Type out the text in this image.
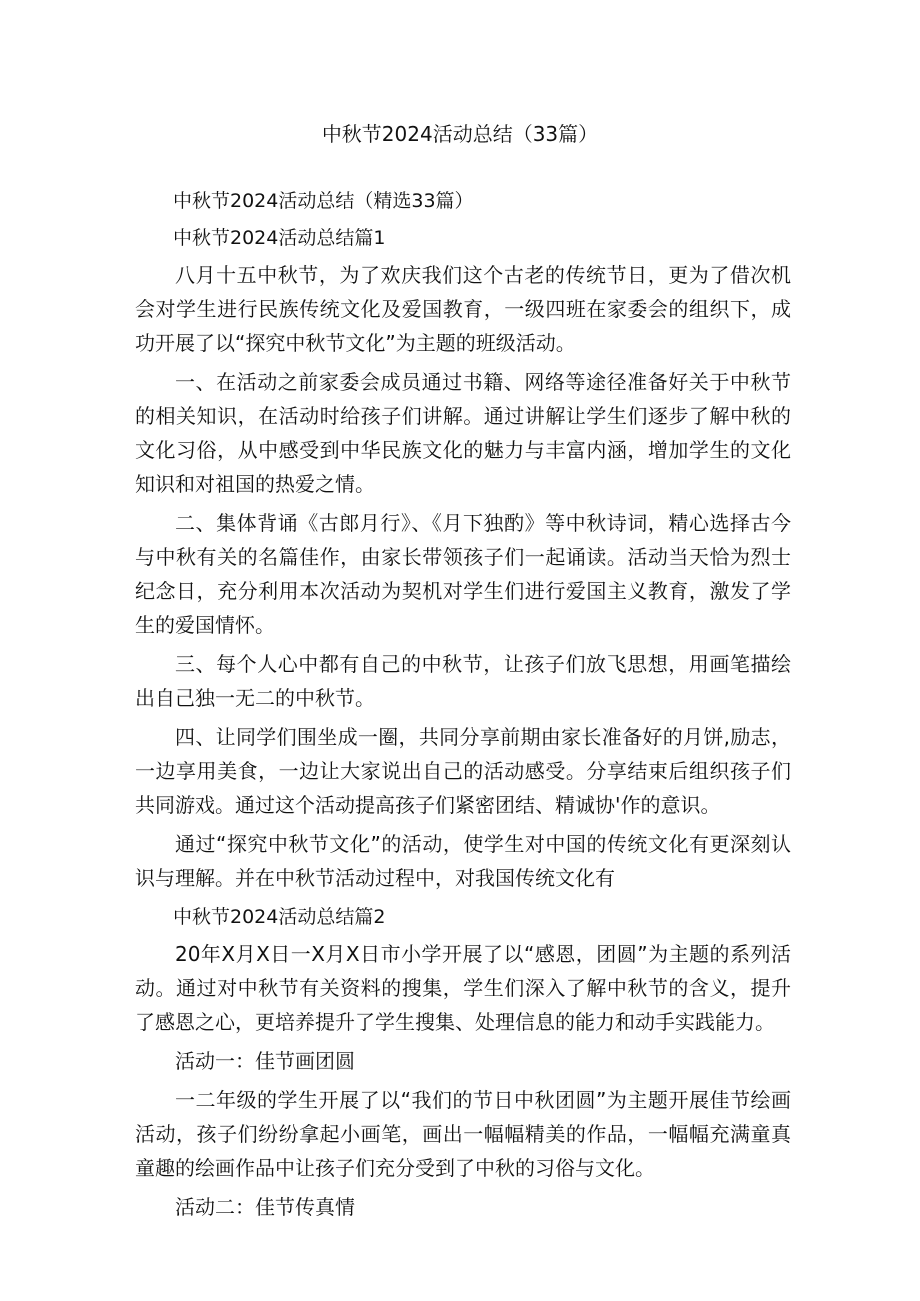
中秋节2024活动总结（33篇）
中秋节2024活动总结（精选33篇）
中秋节2024活动总结篇1

八月十五中秋节，为了欢庆我们这个古老的传统节日，更为了借次机会对学生进行民族传统文化及爱国教育，一级四班在家委会的组织下，成功开展了以“探究中秋节文化”为主题的班级活动。

一、在活动之前家委会成员通过书籍、网络等途径准备好关于中秋节的相关知识，在活动时给孩子们讲解。通过讲解让学生们逐步了解中秋的文化习俗，从中感受到中华民族文化的魅力与丰富内涵，增加学生的文化知识和对祖国的热爱之情。

二、集体背诵《古郎月行》、《月下独酌》等中秋诗词，精心选择古今与中秋有关的名篇佳作，由家长带领孩子们一起诵读。活动当天恰为烈士纪念日，充分利用本次活动为契机对学生们进行爱国主义教育，激发了学生的爱国情怀。

三、每个人心中都有自己的中秋节，让孩子们放飞思想，用画笔描绘出自己独一无二的中秋节。

四、让同学们围坐成一圈，共同分享前期由家长准备好的月饼,励志，一边享用美食，一边让大家说出自己的活动感受。分享结束后组织孩子们共同游戏。通过这个活动提高孩子们紧密团结、精诚协'作的意识。

通过“探究中秋节文化”的活动，使学生对中国的传统文化有更深刻认识与理解。并在中秋节活动过程中，对我国传统文化有

中秋节2024活动总结篇2

20年X月X日一X月X日市小学开展了以“感恩，团圆”为主题的系列活动。通过对中秋节有关资料的搜集，学生们深入了解中秋节的含义，提升了感恩之心，更培养提升了学生搜集、处理信息的能力和动手实践能力。

活动一：佳节画团圆

一二年级的学生开展了以“我们的节日中秋团圆”为主题开展佳节绘画活动，孩子们纷纷拿起小画笔，画出一幅幅精美的作品，一幅幅充满童真童趣的绘画作品中让孩子们充分受到了中秋的习俗与文化。

活动二：佳节传真情
